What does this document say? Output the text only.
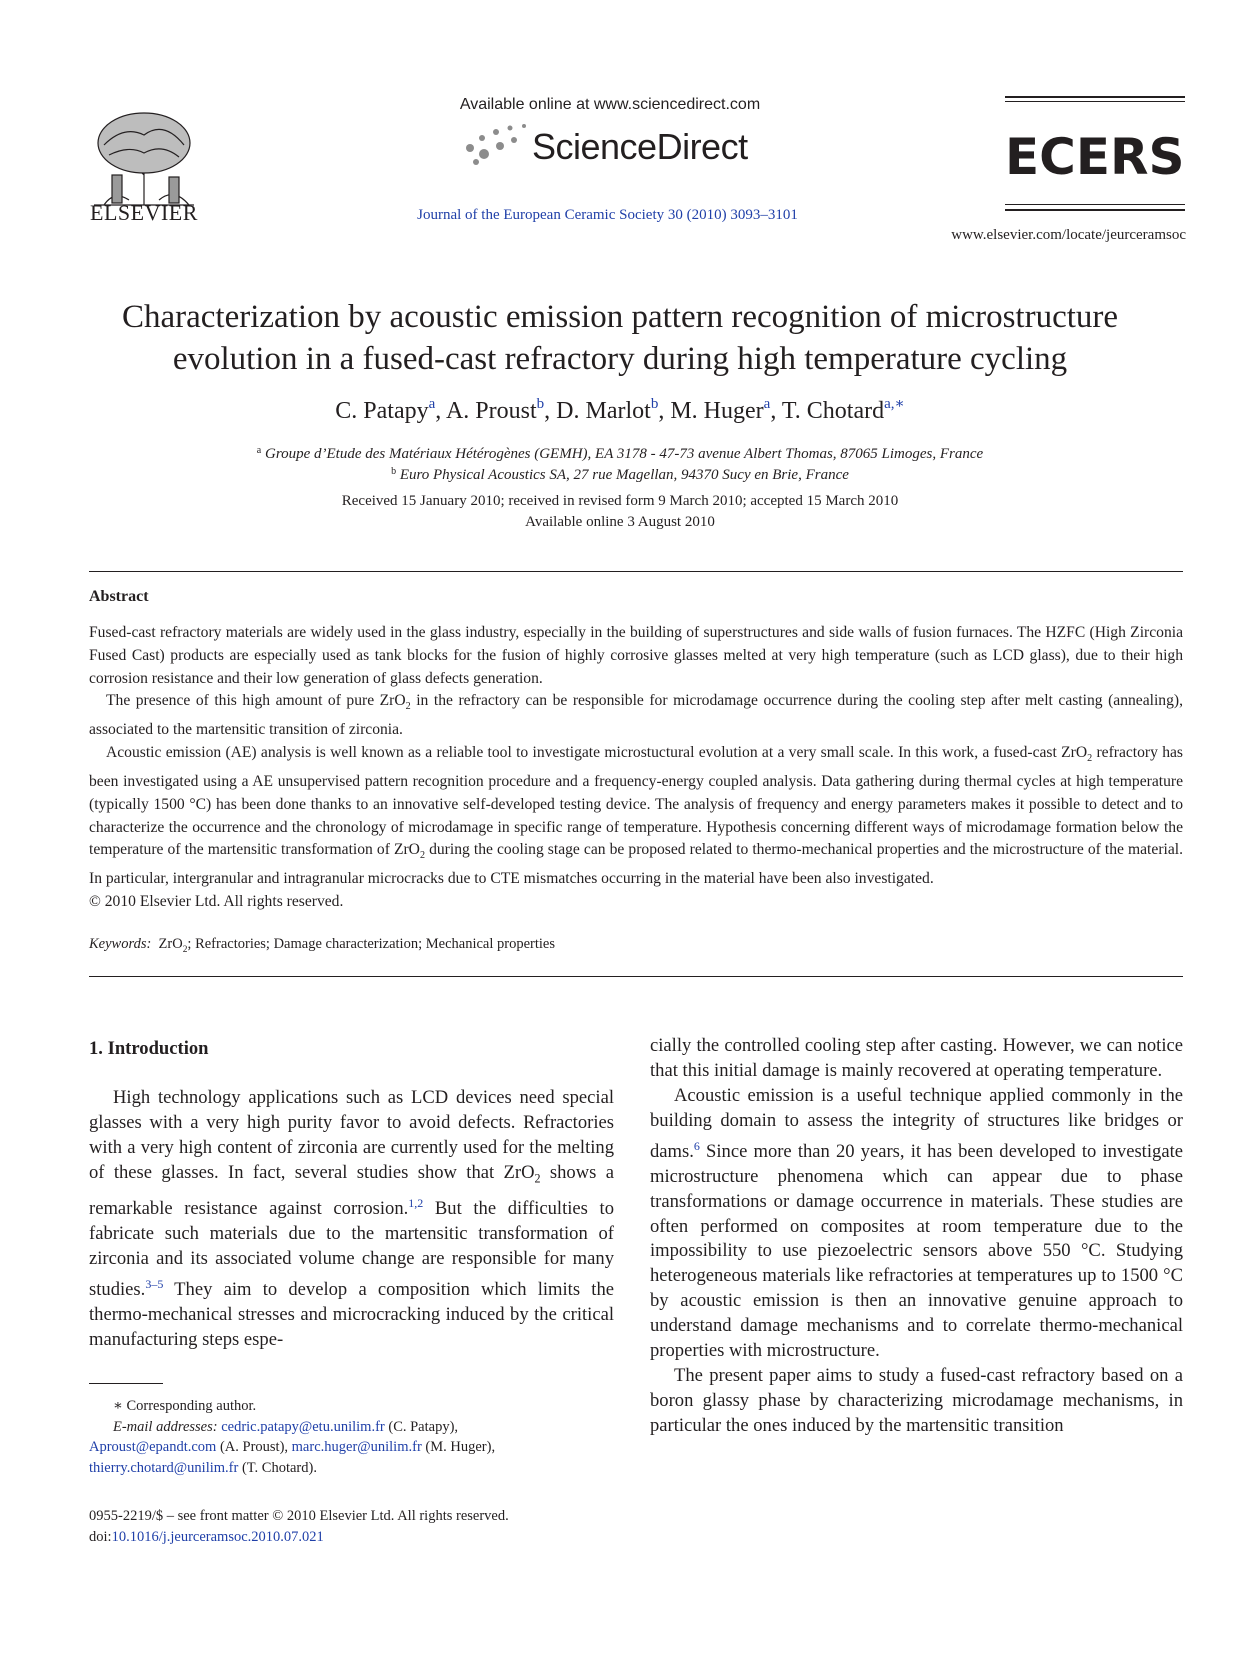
ELSEVIER
Available online at www.sciencedirect.com
ScienceDirect
Journal of the European Ceramic Society 30 (2010) 3093–3101
ECERS
www.elsevier.com/locate/jeurceramsoc
Characterization by acoustic emission pattern recognition of microstructure
evolution in a fused-cast refractory during high temperature cycling
C. Patapy$^a$, A. Proust$^b$, D. Marlot$^b$, M. Huger$^a$, T. Chotard$^{a,∗}$
$^a$ Groupe d’Etude des Matériaux Hétérogènes (GEMH), EA 3178 - 47-73 avenue Albert Thomas, 87065 Limoges, France
$^b$ Euro Physical Acoustics SA, 27 rue Magellan, 94370 Sucy en Brie, France
Received 15 January 2010; received in revised form 9 March 2010; accepted 15 March 2010
Available online 3 August 2010
Abstract

Fused-cast refractory materials are widely used in the glass industry, especially in the building of superstructures and side walls of fusion furnaces. The HZFC (High Zirconia Fused Cast) products are especially used as tank blocks for the fusion of highly corrosive glasses melted at very high temperature (such as LCD glass), due to their high corrosion resistance and their low generation of glass defects generation.

The presence of this high amount of pure ZrO$_2$ in the refractory can be responsible for microdamage occurrence during the cooling step after melt casting (annealing), associated to the martensitic transition of zirconia.

Acoustic emission (AE) analysis is well known as a reliable tool to investigate microstuctural evolution at a very small scale. In this work, a fused-cast ZrO$_2$ refractory has been investigated using a AE unsupervised pattern recognition procedure and a frequency-energy coupled analysis. Data gathering during thermal cycles at high temperature (typically 1500 °C) has been done thanks to an innovative self-developed testing device. The analysis of frequency and energy parameters makes it possible to detect and to characterize the occurrence and the chronology of microdamage in specific range of temperature. Hypothesis concerning different ways of microdamage formation below the temperature of the martensitic transformation of ZrO$_2$ during the cooling stage can be proposed related to thermo-mechanical properties and the microstructure of the material. In particular, intergranular and intragranular microcracks due to CTE mismatches occurring in the material have been also investigated.

© 2010 Elsevier Ltd. All rights reserved.

Keywords: ZrO$_2$; Refractories; Damage characterization; Mechanical properties
1. Introduction

High technology applications such as LCD devices need special glasses with a very high purity favor to avoid defects. Refractories with a very high content of zirconia are currently used for the melting of these glasses. In fact, several studies show that ZrO$_2$ shows a remarkable resistance against corrosion.$^{1,2}$ But the difficulties to fabricate such materials due to the martensitic transformation of zirconia and its associated volume change are responsible for many studies.$^{3-5}$ They aim to develop a composition which limits the thermo-mechanical stresses and microcracking induced by the critical manufacturing steps espe-

cially the controlled cooling step after casting. However, we can notice that this initial damage is mainly recovered at operating temperature.

Acoustic emission is a useful technique applied commonly in the building domain to assess the integrity of structures like bridges or dams.$^6$ Since more than 20 years, it has been developed to investigate microstructure phenomena which can appear due to phase transformations or damage occurrence in materials. These studies are often performed on composites at room temperature due to the impossibility to use piezoelectric sensors above 550 °C. Studying heterogeneous materials like refractories at temperatures up to 1500 °C by acoustic emission is then an innovative genuine approach to understand damage mechanisms and to correlate thermo-mechanical properties with microstructure.

The present paper aims to study a fused-cast refractory based on a boron glassy phase by characterizing microdamage mechanisms, in particular the ones induced by the martensitic transition

∗ Corresponding author.
E-mail addresses: cedric.patapy@etu.unilim.fr (C. Patapy),
Aproust@epandt.com (A. Proust), marc.huger@unilim.fr (M. Huger),
thierry.chotard@unilim.fr (T. Chotard).
0955-2219/$ – see front matter © 2010 Elsevier Ltd. All rights reserved.
doi:10.1016/j.jeurceramsoc.2010.07.021
